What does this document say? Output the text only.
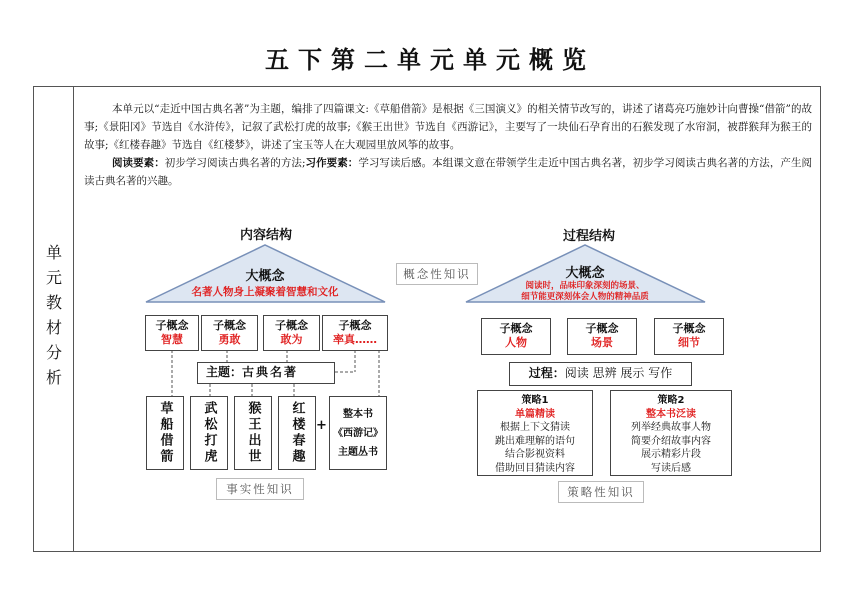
五下第二单元单元概览
单元教材分析
本单元以“走近中国古典名著”为主题，编排了四篇课文:《草船借箭》是根据《三国演义》的相关情节改写的，讲述了诸葛亮巧施妙计向曹操“借箭”的故事;《景阳冈》节选自《水浒传》，记叙了武松打虎的故事;《猴王出世》节选自《西游记》，主要写了一块仙石孕育出的石猴发现了水帘洞，被群猴拜为猴王的故事;《红楼春趣》节选自《红楼梦》，讲述了宝玉等人在大观园里放风筝的故事。
阅读要素：初步学习阅读古典名著的方法;习作要素：学习写读后感。本组课文意在带领学生走近中国古典名著，初步学习阅读古典名著的方法，产生阅读古典名著的兴趣。
内容结构
大概念
名著人物身上凝聚着智慧和文化
子概念
智慧
子概念
勇敢
子概念
敢为
子概念
率真……
主题：古典名著
草船借箭 武松打虎 猴王出世 红楼春趣 +
整本书
《西游记》
主题丛书
概念性知识
事实性知识	策略性知识
过程结构
大概念
阅读时，品味印象深刻的场景、
细节能更深刻体会人物的精神品质
子概念
人物
子概念
场景
子概念
细节
过程：阅读 思辨 展示 写作
策略1
单篇精读
根据上下文猜读
跳出难理解的语句
结合影视资料
借助回目猜读内容
策略2
整本书泛读
列举经典故事人物
简要介绍故事内容
展示精彩片段
写读后感
